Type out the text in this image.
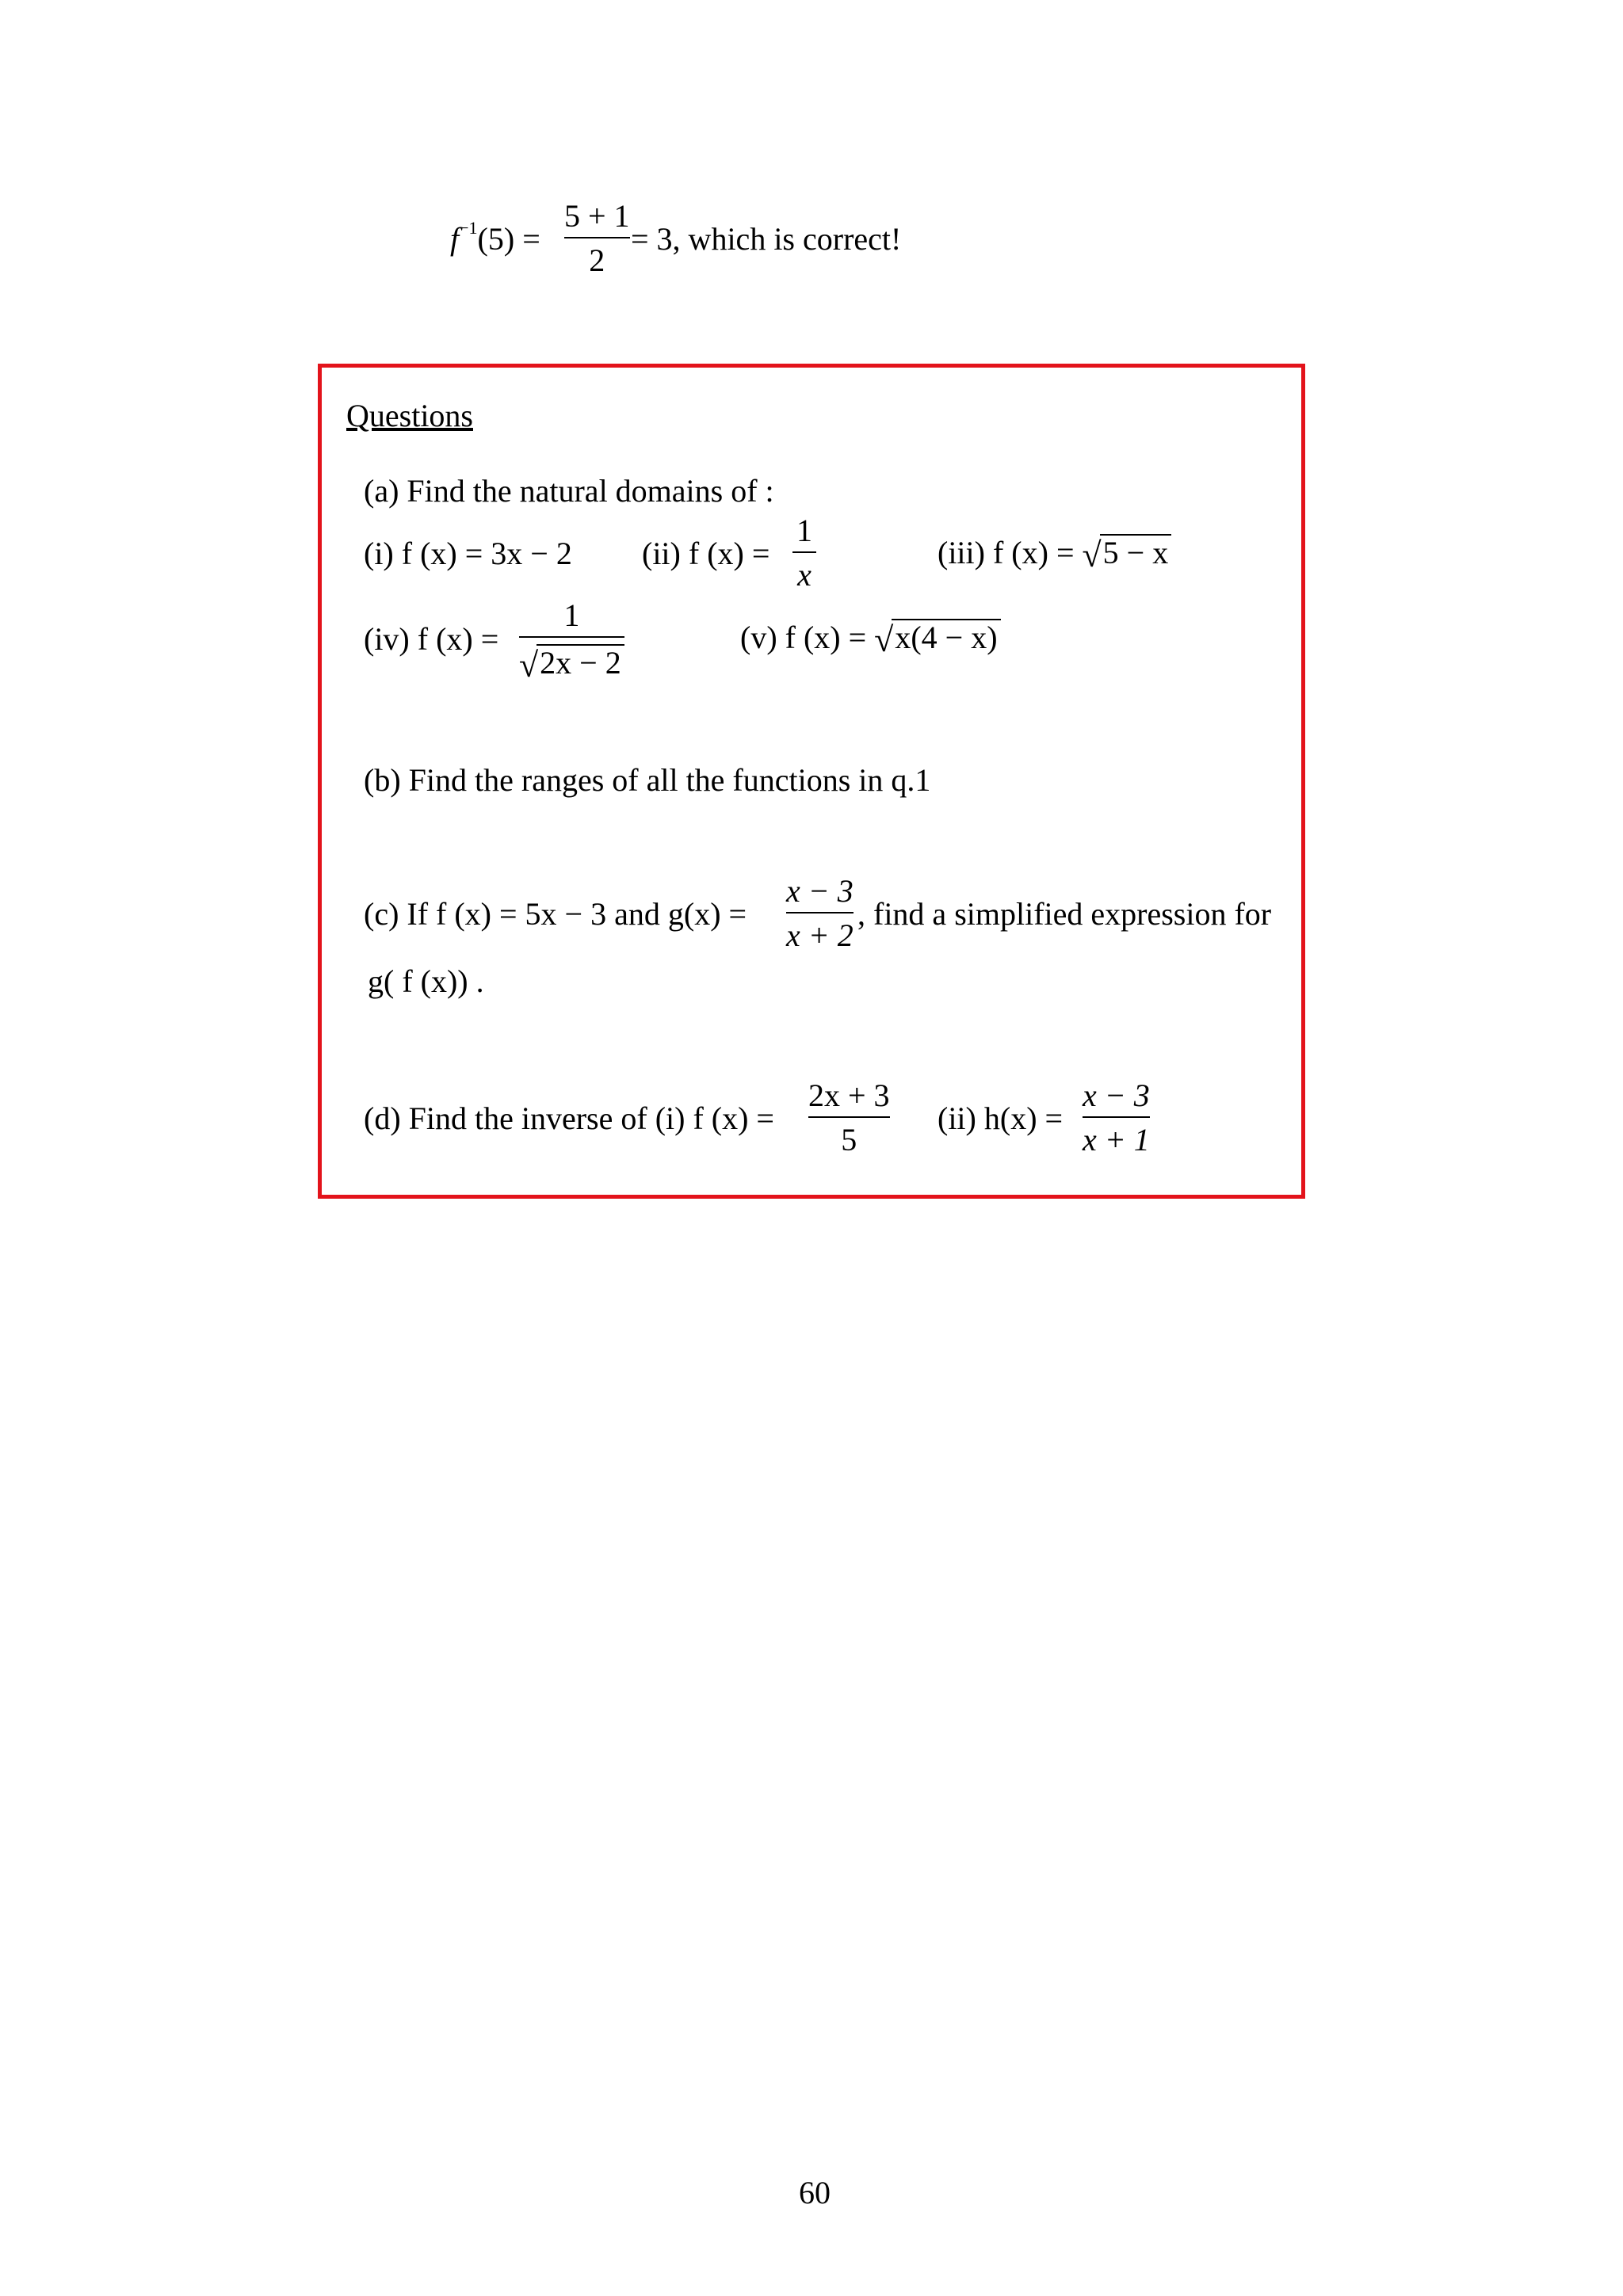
$f^{-1}(5)$ =
5 + 1
2
= 3, which is correct!
Questions
(a) Find the natural domains of :
(i) f (x) = 3x − 2 (ii) f (x) =
1
x
(iii) f (x) = √5 − x
(iv) f (x) =
1
√2x − 2
(v) f (x) = √x(4 − x)
(b) Find the ranges of all the functions in q.1
(c) If f (x) = 5x − 3 and g(x) =
x − 3
x + 2
, find a simplified expression for
g( f (x)) .
(d) Find the inverse of (i) f (x) =
2x + 3
5
(ii) h(x) =
x − 3
x + 1
60
